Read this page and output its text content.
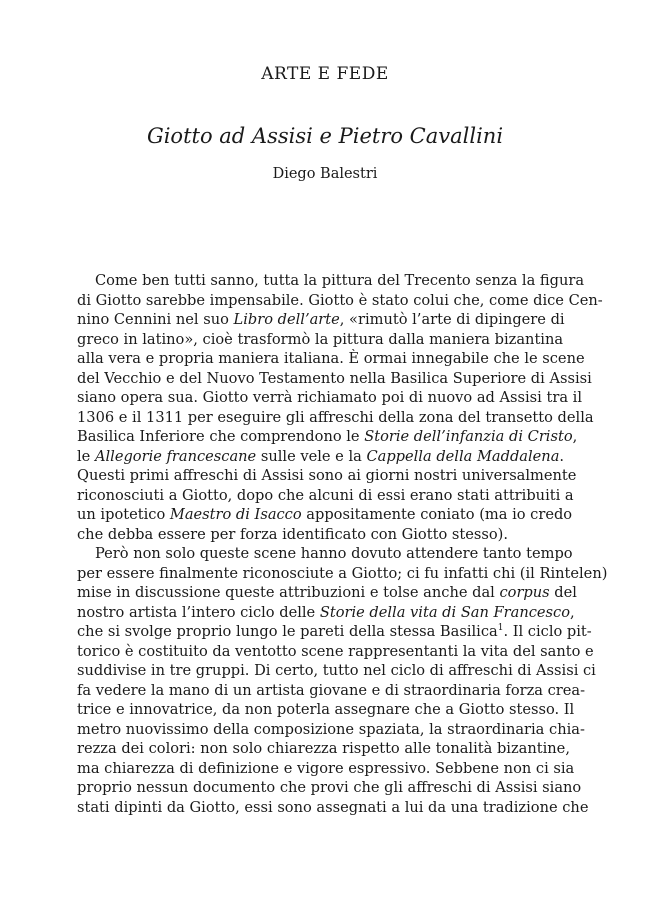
ARTE E FEDE
Giotto ad Assisi e Pietro Cavallini
Diego Balestri
Come ben tutti sanno, tutta la pittura del Trecento senza la figura
di Giotto sarebbe impensabile. Giotto è stato colui che, come dice Cen-
nino Cennini nel suo Libro dell’arte, «rimutò l’arte di dipingere di
greco in latino», cioè trasformò la pittura dalla maniera bizantina
alla vera e propria maniera italiana. È ormai innegabile che le scene
del Vecchio e del Nuovo Testamento nella Basilica Superiore di Assisi
siano opera sua. Giotto verrà richiamato poi di nuovo ad Assisi tra il
1306 e il 1311 per eseguire gli affreschi della zona del transetto della
Basilica Inferiore che comprendono le Storie dell’infanzia di Cristo,
le Allegorie francescane sulle vele e la Cappella della Maddalena.
Questi primi affreschi di Assisi sono ai giorni nostri universalmente
riconosciuti a Giotto, dopo che alcuni di essi erano stati attribuiti a
un ipotetico Maestro di Isacco appositamente coniato (ma io credo
che debba essere per forza identificato con Giotto stesso).
Però non solo queste scene hanno dovuto attendere tanto tempo
per essere finalmente riconosciute a Giotto; ci fu infatti chi (il Rintelen)
mise in discussione queste attribuzioni e tolse anche dal corpus del
nostro artista l’intero ciclo delle Storie della vita di San Francesco,
che si svolge proprio lungo le pareti della stessa Basilica$^1$. Il ciclo pit-
torico è costituito da ventotto scene rappresentanti la vita del santo e
suddivise in tre gruppi. Di certo, tutto nel ciclo di affreschi di Assisi ci
fa vedere la mano di un artista giovane e di straordinaria forza crea-
trice e innovatrice, da non poterla assegnare che a Giotto stesso. Il
metro nuovissimo della composizione spaziata, la straordinaria chia-
rezza dei colori: non solo chiarezza rispetto alle tonalità bizantine,
ma chiarezza di definizione e vigore espressivo. Sebbene non ci sia
proprio nessun documento che provi che gli affreschi di Assisi siano
stati dipinti da Giotto, essi sono assegnati a lui da una tradizione che
